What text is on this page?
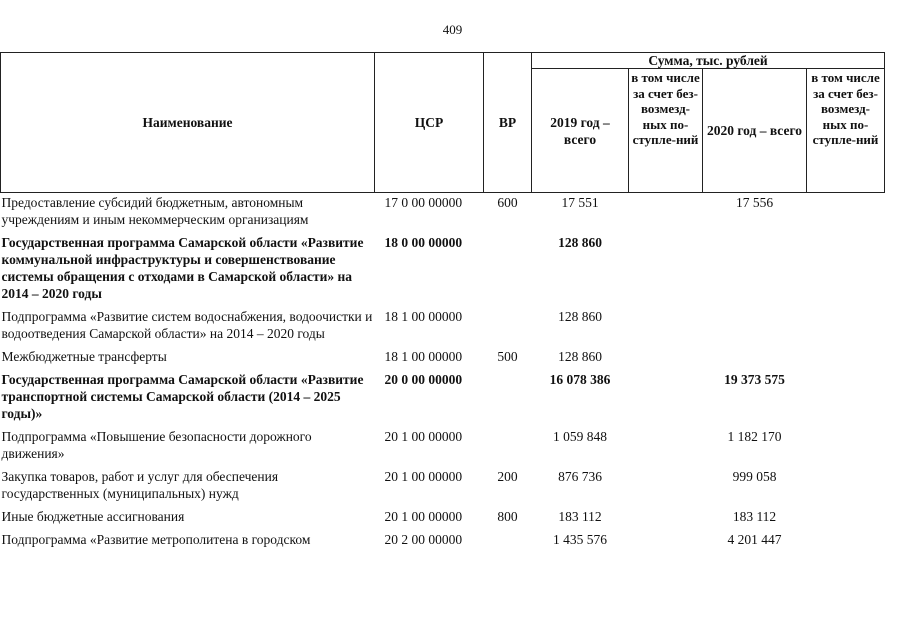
409
Наименование	ЦСР	ВР	Сумма, тыс. рублей			
			2019 год – всего	в том числе за счет без-возмезд-ных по-ступле-ний	2020 год – всего	в том числе за счет без-возмезд-ных по-ступле-ний
Предоставление субсидий бюджетным, автономным учреждениям и иным некоммерческим организациям	17 0 00 00000	600	17 551		17 556	
Государственная программа Самарской области «Развитие коммунальной инфраструктуры и совершенствование системы обращения с отходами в Самарской области» на 2014 – 2020 годы	18 0 00 00000		128 860			
Подпрограмма «Развитие систем водоснабжения, водоочистки и водоотведения Самарской области» на 2014 – 2020 годы	18 1 00 00000		128 860			
Межбюджетные трансферты	18 1 00 00000	500	128 860			
Государственная программа Самарской области «Развитие транспортной системы Самарской области (2014 – 2025 годы)»	20 0 00 00000		16 078 386		19 373 575	
Подпрограмма «Повышение безопасности дорожного движения»	20 1 00 00000		1 059 848		1 182 170	
Закупка товаров, работ и услуг для обеспечения государственных (муниципальных) нужд	20 1 00 00000	200	876 736		999 058	
Иные бюджетные ассигнования	20 1 00 00000	800	183 112		183 112	
Подпрограмма «Развитие метрополитена в городском	20 2 00 00000		1 435 576		4 201 447	
